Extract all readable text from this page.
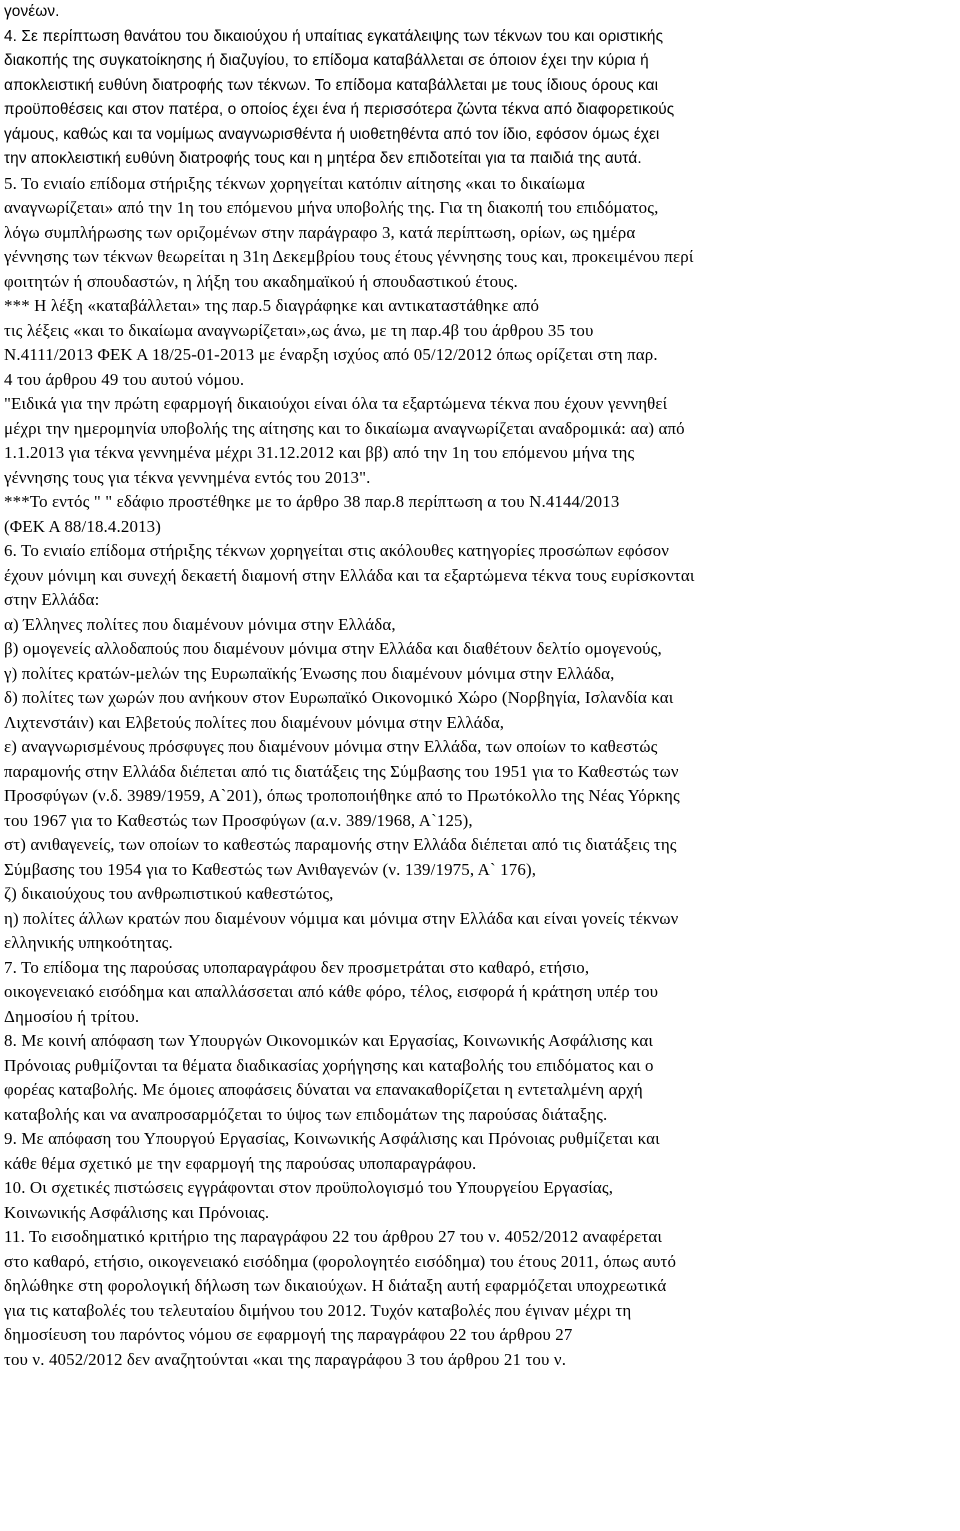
γονέων.
4. Σε περίπτωση θανάτου του δικαιούχου ή υπαίτιας εγκατάλειψης των τέκνων του και οριστικής
διακοπής της συγκατοίκησης ή διαζυγίου, το επίδομα καταβάλλεται σε όποιον έχει την κύρια ή
αποκλειστική ευθύνη διατροφής των τέκνων. Το επίδομα καταβάλλεται με τους ίδιους όρους και
προϋποθέσεις και στον πατέρα, ο οποίος έχει ένα ή περισσότερα ζώντα τέκνα από διαφορετικούς
γάμους, καθώς και τα νομίμως αναγνωρισθέντα ή υιοθετηθέντα από τον ίδιο, εφόσον όμως έχει
την αποκλειστική ευθύνη διατροφής τους και η μητέρα δεν επιδοτείται για τα παιδιά της αυτά.
5. Το ενιαίο επίδομα στήριξης τέκνων χορηγείται κατόπιν αίτησης «και το δικαίωμα
αναγνωρίζεται» από την 1η του επόμενου μήνα υποβολής της. Για τη διακοπή του επιδόματος,
λόγω συμπλήρωσης των οριζομένων στην παράγραφο 3, κατά περίπτωση, ορίων, ως ημέρα
γέννησης των τέκνων θεωρείται η 31η Δεκεμβρίου τους έτους γέννησης τους και, προκειμένου περί
φοιτητών ή σπουδαστών, η λήξη του ακαδημαϊκού ή σπουδαστικού έτους.
*** Η λέξη «καταβάλλεται» της παρ.5 διαγράφηκε και αντικαταστάθηκε από
τις λέξεις «και το δικαίωμα αναγνωρίζεται»,ως άνω, με τη παρ.4β του άρθρου 35 του
Ν.4111/2013 ΦΕΚ Α 18/25-01-2013 με έναρξη ισχύος από 05/12/2012 όπως ορίζεται στη παρ.
4 του άρθρου 49 του αυτού νόμου.
"Ειδικά για την πρώτη εφαρμογή δικαιούχοι είναι όλα τα εξαρτώμενα τέκνα που έχουν γεννηθεί
μέχρι την ημερομηνία υποβολής της αίτησης και το δικαίωμα αναγνωρίζεται αναδρομικά: αα) από
1.1.2013 για τέκνα γεννημένα μέχρι 31.12.2012 και ββ) από την 1η του επόμενου μήνα της
γέννησης τους για τέκνα γεννημένα εντός του 2013".
***Το εντός " " εδάφιο προστέθηκε με το άρθρο 38 παρ.8 περίπτωση α του Ν.4144/2013
(ΦΕΚ Α 88/18.4.2013)
6. Το ενιαίο επίδομα στήριξης τέκνων χορηγείται στις ακόλουθες κατηγορίες προσώπων εφόσον
έχουν μόνιμη και συνεχή δεκαετή διαμονή στην Ελλάδα και τα εξαρτώμενα τέκνα τους ευρίσκονται
στην Ελλάδα:
α) Έλληνες πολίτες που διαμένουν μόνιμα στην Ελλάδα,
β) ομογενείς αλλοδαπούς που διαμένουν μόνιμα στην Ελλάδα και διαθέτουν δελτίο ομογενούς,
γ) πολίτες κρατών-μελών της Ευρωπαϊκής Ένωσης που διαμένουν μόνιμα στην Ελλάδα,
δ) πολίτες των χωρών που ανήκουν στον Ευρωπαϊκό Οικονομικό Χώρο (Νορβηγία, Ισλανδία και
Λιχτενστάιν) και Ελβετούς πολίτες που διαμένουν μόνιμα στην Ελλάδα,
ε) αναγνωρισμένους πρόσφυγες που διαμένουν μόνιμα στην Ελλάδα, των οποίων το καθεστώς
παραμονής στην Ελλάδα διέπεται από τις διατάξεις της Σύμβασης του 1951 για το Καθεστώς των
Προσφύγων (ν.δ. 3989/1959, Α`201), όπως τροποποιήθηκε από το Πρωτόκολλο της Νέας Υόρκης
του 1967 για το Καθεστώς των Προσφύγων (α.ν. 389/1968, Α`125),
στ) ανιθαγενείς, των οποίων το καθεστώς παραμονής στην Ελλάδα διέπεται από τις διατάξεις της
Σύμβασης του 1954 για το Καθεστώς των Ανιθαγενών (ν. 139/1975, Α` 176),
ζ) δικαιούχους του ανθρωπιστικού καθεστώτος,
η) πολίτες άλλων κρατών που διαμένουν νόμιμα και μόνιμα στην Ελλάδα και είναι γονείς τέκνων
ελληνικής υπηκοότητας.
7. Το επίδομα της παρούσας υποπαραγράφου δεν προσμετράται στο καθαρό, ετήσιο,
οικογενειακό εισόδημα και απαλλάσσεται από κάθε φόρο, τέλος, εισφορά ή κράτηση υπέρ του
Δημοσίου ή τρίτου.
8. Με κοινή απόφαση των Υπουργών Οικονομικών και Εργασίας, Κοινωνικής Ασφάλισης και
Πρόνοιας ρυθμίζονται τα θέματα διαδικασίας χορήγησης και καταβολής του επιδόματος και ο
φορέας καταβολής. Με όμοιες αποφάσεις δύναται να επανακαθορίζεται η εντεταλμένη αρχή
καταβολής και να αναπροσαρμόζεται το ύψος των επιδομάτων της παρούσας διάταξης.
9. Με απόφαση του Υπουργού Εργασίας, Κοινωνικής Ασφάλισης και Πρόνοιας ρυθμίζεται και
κάθε θέμα σχετικό με την εφαρμογή της παρούσας υποπαραγράφου.
10. Οι σχετικές πιστώσεις εγγράφονται στον προϋπολογισμό του Υπουργείου Εργασίας,
Κοινωνικής Ασφάλισης και Πρόνοιας.
11. Το εισοδηματικό κριτήριο της παραγράφου 22 του άρθρου 27 του ν. 4052/2012 αναφέρεται
στο καθαρό, ετήσιο, οικογενειακό εισόδημα (φορολογητέο εισόδημα) του έτους 2011, όπως αυτό
δηλώθηκε στη φορολογική δήλωση των δικαιούχων. Η διάταξη αυτή εφαρμόζεται υποχρεωτικά
για τις καταβολές του τελευταίου διμήνου του 2012. Τυχόν καταβολές που έγιναν μέχρι τη
δημοσίευση του παρόντος νόμου σε εφαρμογή της παραγράφου 22 του άρθρου 27
του ν. 4052/2012 δεν αναζητούνται «και της παραγράφου 3 του άρθρου 21 του ν.
